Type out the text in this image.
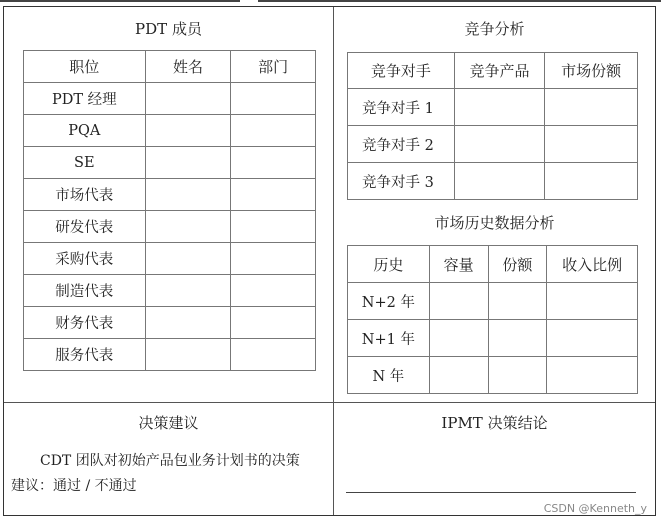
PDT 成员
职位	姓名	部门
PDT 经理		
PQA		
SE		
市场代表		
研发代表		
采购代表		
制造代表		
财务代表		
服务代表		
竞争分析
竞争对手	竞争产品	市场份额
竞争对手 1		
竞争对手 2		
竞争对手 3		
市场历史数据分析
历史	容量	份额	收入比例
N+2 年			
N+1 年			
N 年			
决策建议
CDT 团队对初始产品包业务计划书的决策
建议：通过 / 不通过
IPMT 决策结论
CSDN @Kenneth_y
